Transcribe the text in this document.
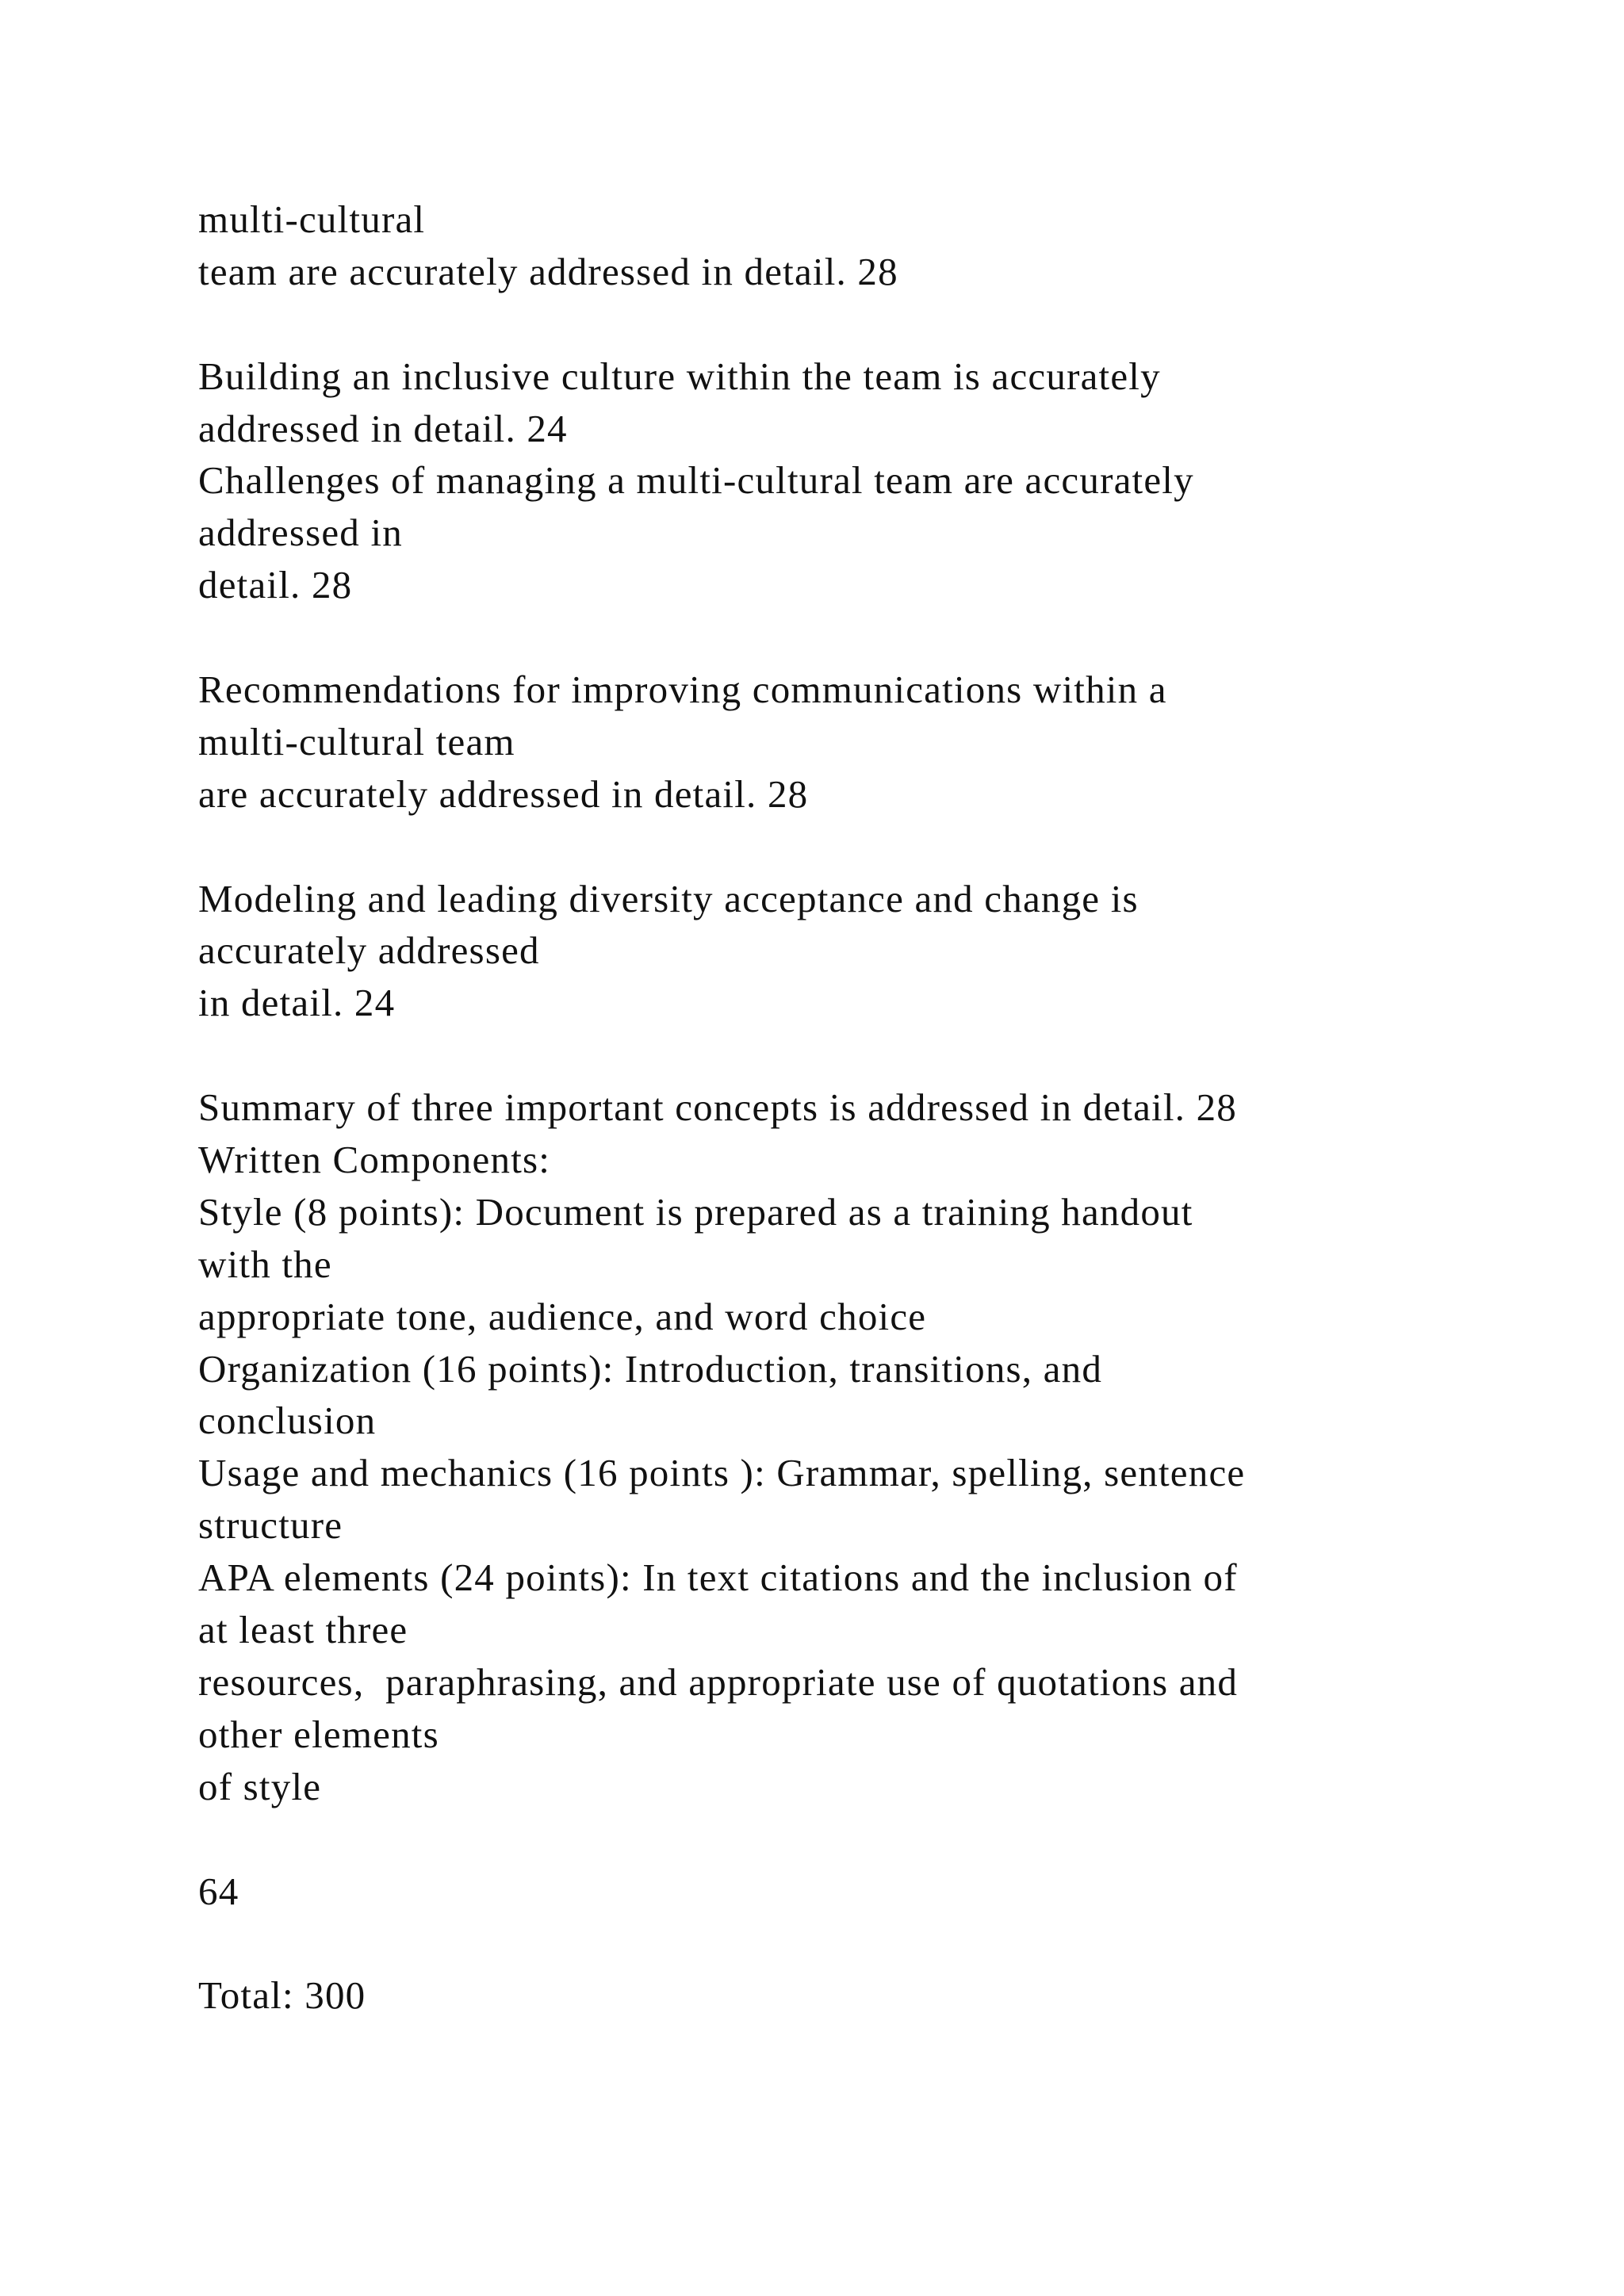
multi-cultural
team are accurately addressed in detail. 28
Building an inclusive culture within the team is accurately
addressed in detail. 24
Challenges of managing a multi-cultural team are accurately
addressed in
detail. 28
Recommendations for improving communications within a
multi-cultural team
are accurately addressed in detail. 28
Modeling and leading diversity acceptance and change is
accurately addressed
in detail. 24
Summary of three important concepts is addressed in detail. 28
Written Components:
Style (8 points): Document is prepared as a training handout
with the
appropriate tone, audience, and word choice
Organization (16 points): Introduction, transitions, and
conclusion
Usage and mechanics (16 points ): Grammar, spelling, sentence
structure
APA elements (24 points): In text citations and the inclusion of
at least three
resources,  paraphrasing, and appropriate use of quotations and
other elements
of style
64
Total: 300
